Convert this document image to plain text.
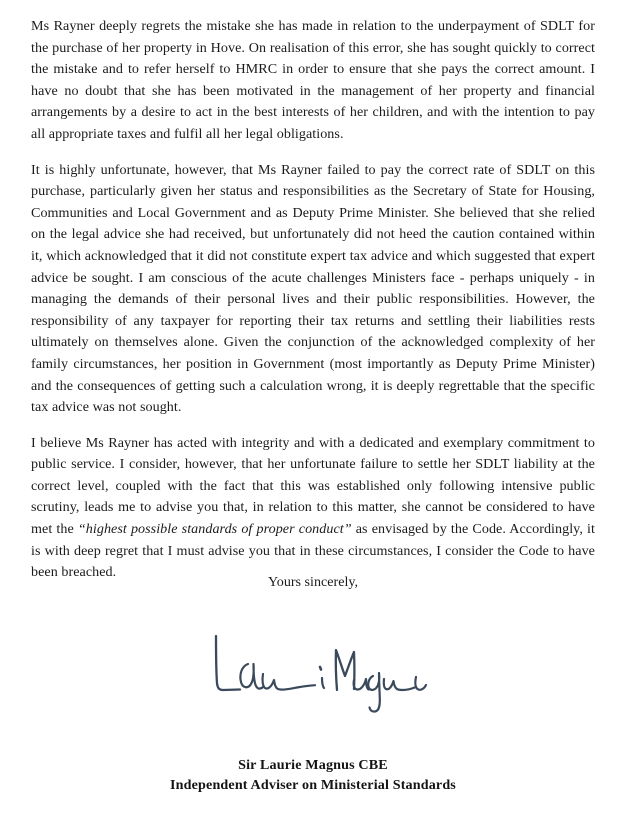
Ms Rayner deeply regrets the mistake she has made in relation to the underpayment of SDLT for the purchase of her property in Hove. On realisation of this error, she has sought quickly to correct the mistake and to refer herself to HMRC in order to ensure that she pays the correct amount. I have no doubt that she has been motivated in the management of her property and financial arrangements by a desire to act in the best interests of her children, and with the intention to pay all appropriate taxes and fulfil all her legal obligations.

It is highly unfortunate, however, that Ms Rayner failed to pay the correct rate of SDLT on this purchase, particularly given her status and responsibilities as the Secretary of State for Housing, Communities and Local Government and as Deputy Prime Minister. She believed that she relied on the legal advice she had received, but unfortunately did not heed the caution contained within it, which acknowledged that it did not constitute expert tax advice and which suggested that expert advice be sought. I am conscious of the acute challenges Ministers face - perhaps uniquely - in managing the demands of their personal lives and their public responsibilities. However, the responsibility of any taxpayer for reporting their tax returns and settling their liabilities rests ultimately on themselves alone. Given the conjunction of the acknowledged complexity of her family circumstances, her position in Government (most importantly as Deputy Prime Minister) and the consequences of getting such a calculation wrong, it is deeply regrettable that the specific tax advice was not sought.

I believe Ms Rayner has acted with integrity and with a dedicated and exemplary commitment to public service. I consider, however, that her unfortunate failure to settle her SDLT liability at the correct level, coupled with the fact that this was established only following intensive public scrutiny, leads me to advise you that, in relation to this matter, she cannot be considered to have met the “highest possible standards of proper conduct” as envisaged by the Code. Accordingly, it is with deep regret that I must advise you that in these circumstances, I consider the Code to have been breached.

Yours sincerely,

Sir Laurie Magnus CBE

Independent Adviser on Ministerial Standards
